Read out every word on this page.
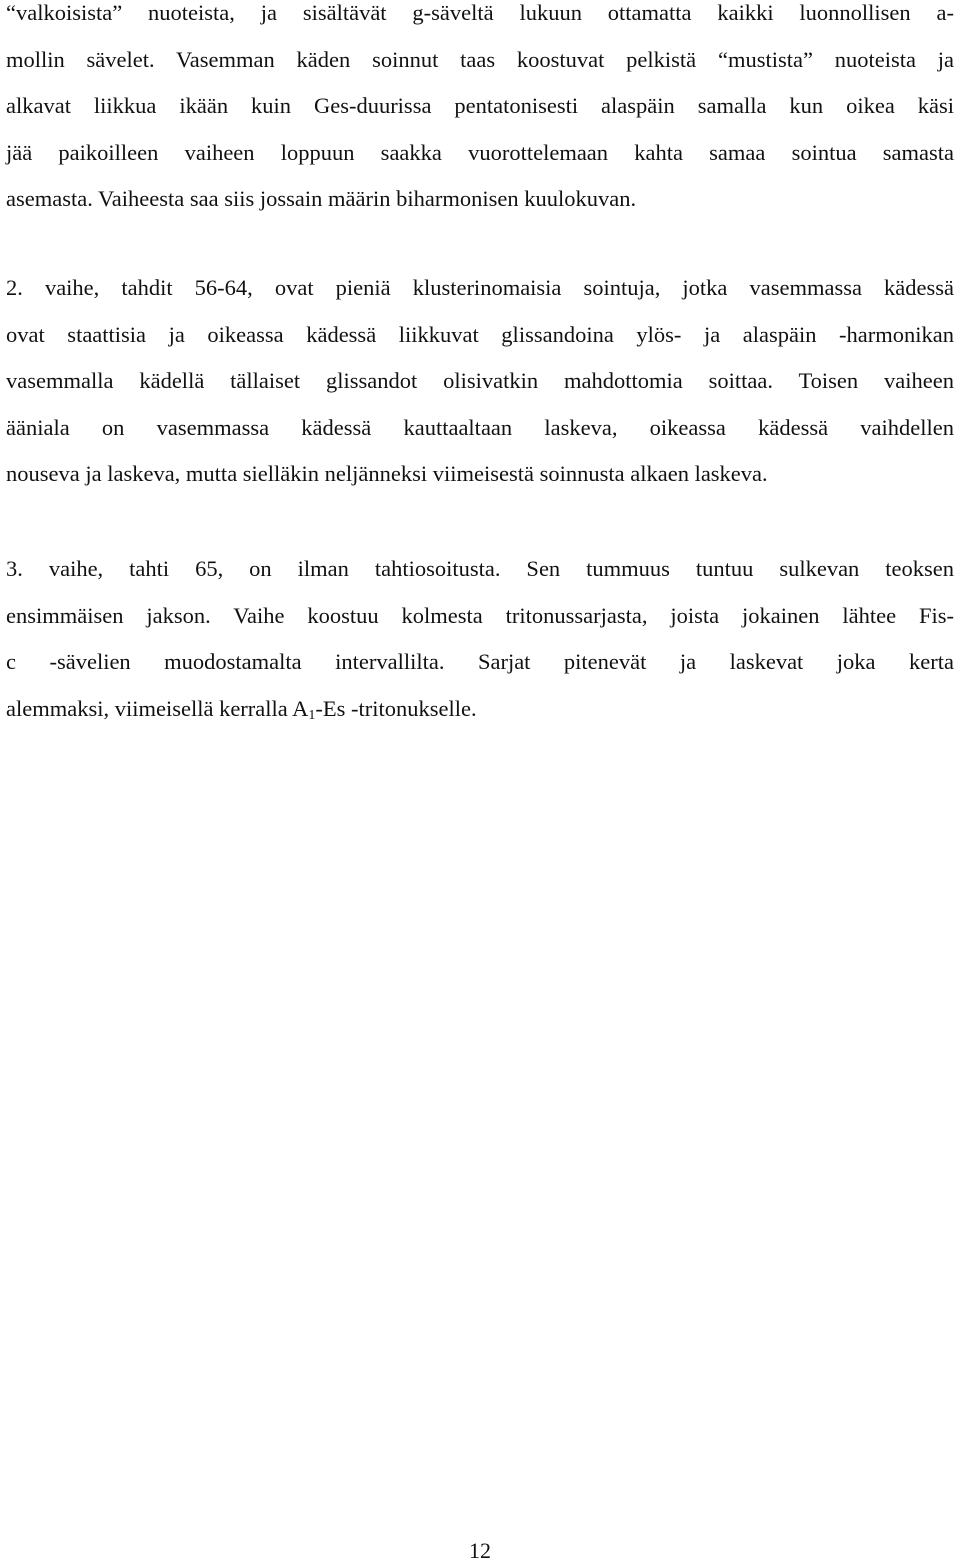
“valkoisista” nuoteista, ja sisältävät g-säveltä lukuun ottamatta kaikki luonnollisen a-
mollin sävelet. Vasemman käden soinnut taas koostuvat pelkistä “mustista” nuoteista ja
alkavat liikkua ikään kuin Ges-duurissa pentatonisesti alaspäin samalla kun oikea käsi
jää paikoilleen vaiheen loppuun saakka vuorottelemaan kahta samaa sointua samasta
asemasta. Vaiheesta saa siis jossain määrin biharmonisen kuulokuvan.

2. vaihe, tahdit 56-64, ovat pieniä klusterinomaisia sointuja, jotka vasemmassa kädessä
ovat staattisia ja oikeassa kädessä liikkuvat glissandoina ylös- ja alaspäin -harmonikan
vasemmalla kädellä tällaiset glissandot olisivatkin mahdottomia soittaa. Toisen vaiheen
ääniala on vasemmassa kädessä kauttaaltaan laskeva, oikeassa kädessä vaihdellen
nouseva ja laskeva, mutta sielläkin neljänneksi viimeisestä soinnusta alkaen laskeva.

3. vaihe, tahti 65, on ilman tahtiosoitusta. Sen tummuus tuntuu sulkevan teoksen
ensimmäisen jakson. Vaihe koostuu kolmesta tritonussarjasta, joista jokainen lähtee Fis-
c -sävelien muodostamalta intervallilta. Sarjat pitenevät ja laskevat joka kerta
alemmaksi, viimeisellä kerralla $A_1-Es$ -tritonukselle.

12
